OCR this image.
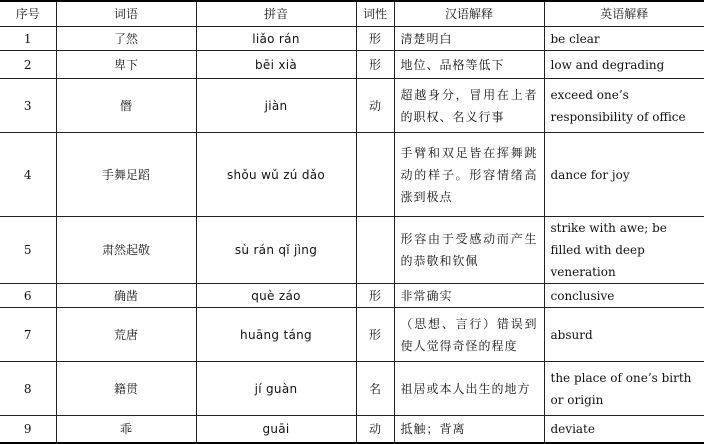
序号	词语	拼音	词性	汉语解释	英语解释
1	了然	liǎo rán	形	清楚明白	be clear
2	卑下	bēi xià	形	地位、品格等低下	low and degrading
3	僭	jiàn	动	超越身分，冒用在上者的职权、名义行事	exceed one’s responsibility of office
4	手舞足蹈	shǒu wǔ zú dǎo		手臂和双足皆在挥舞跳动的样子。形容情绪高涨到极点	dance for joy
5	肃然起敬	sù rán qǐ jìng		形容由于受感动而产生的恭敬和钦佩	strike with awe; be filled with deep veneration
6	确凿	què záo	形	非常确实	conclusive
7	荒唐	huāng táng	形	（思想、言行）错误到使人觉得奇怪的程度	absurd
8	籍贯	jí guàn	名	祖居或本人出生的地方	the place of one’s birth or origin
9	乖	guāi	动	抵触；背离	deviate
